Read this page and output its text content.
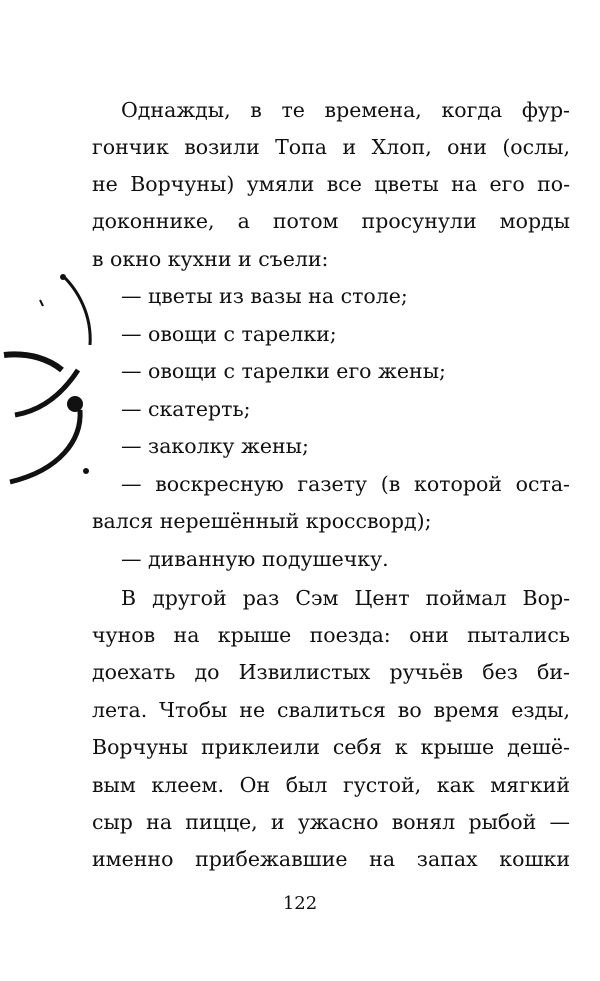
Однажды, в те времена, когда фур-
гончик возили Топа и Хлоп, они (ослы,
не Ворчуны) умяли все цветы на его по-
доконнике, а потом просунули морды
в окно кухни и съели:
— цветы из вазы на столе;
— овощи с тарелки;
— овощи с тарелки его жены;
— скатерть;
— заколку жены;
— воскресную газету (в которой оста-
вался нерешённый кроссворд);
— диванную подушечку.
В другой раз Сэм Цент поймал Вор-
чунов на крыше поезда: они пытались
доехать до Извилистых ручьёв без би-
лета. Чтобы не свалиться во время езды,
Ворчуны приклеили себя к крыше дешё-
вым клеем. Он был густой, как мягкий
сыр на пицце, и ужасно вонял рыбой —
именно прибежавшие на запах кошки
122
